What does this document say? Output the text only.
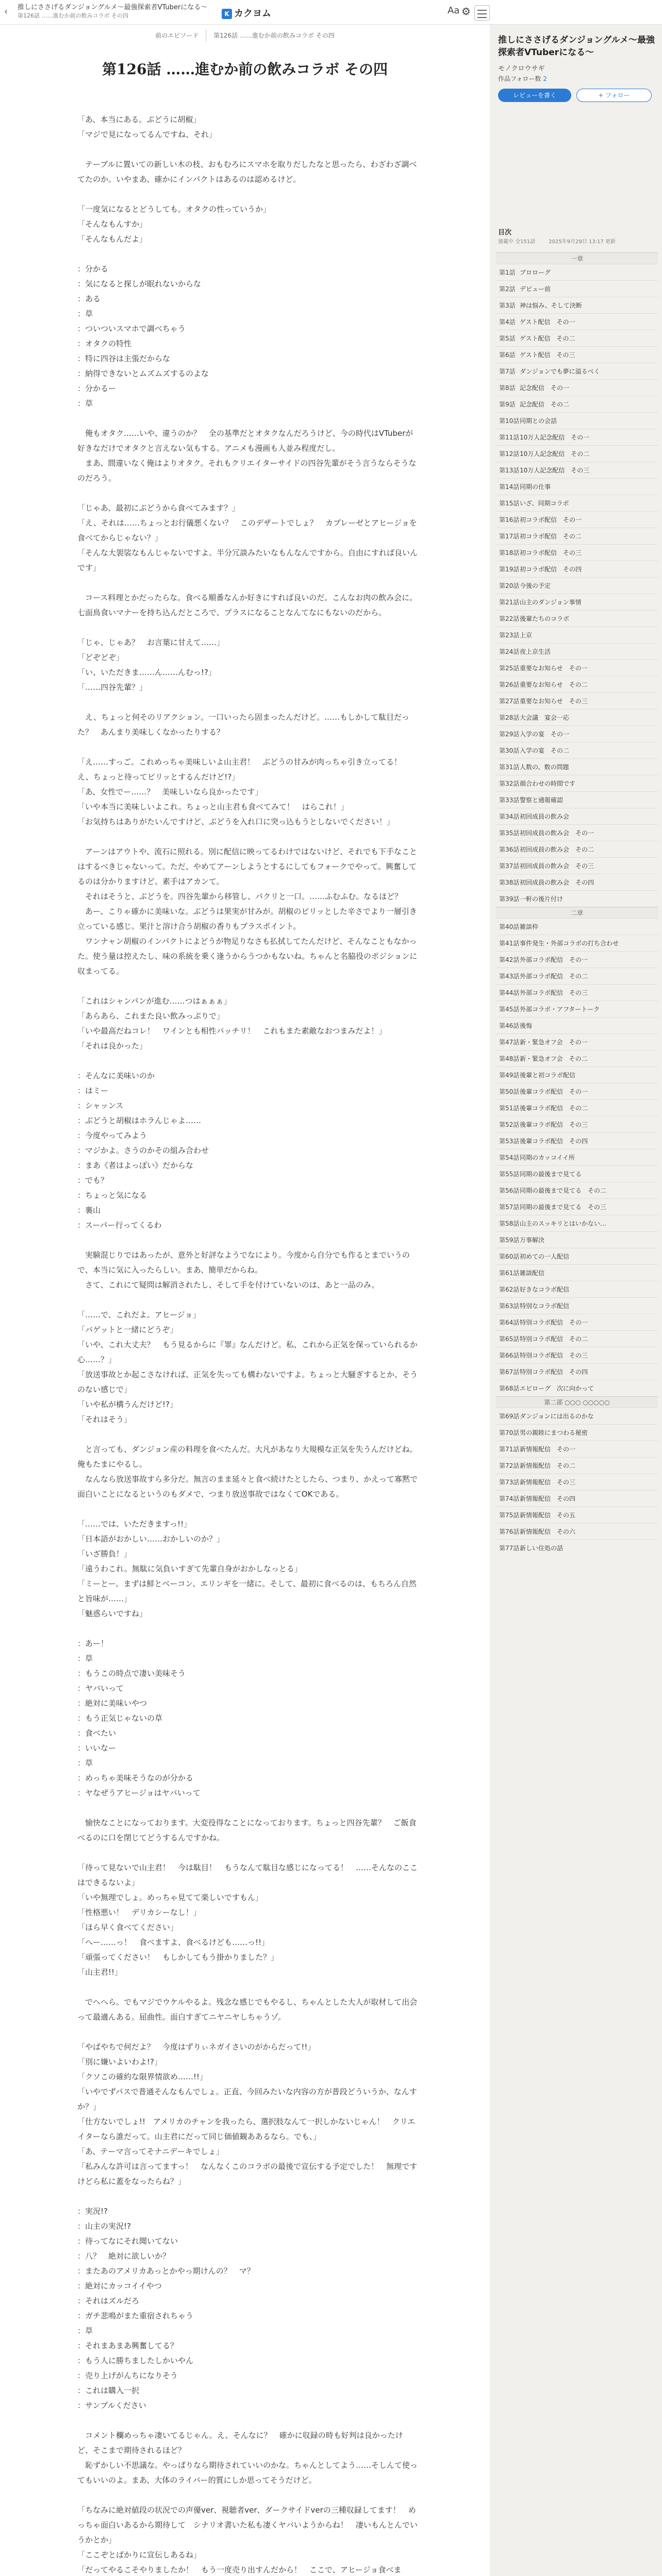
‹	推しにささげるダンジョングルメ～最強探索者VTuberになる～
第126話 ……進むか前の飲みコラボ その四	K カクヨム	Aa ⚙
前のエピソード 第126話 ……進むか前の飲みコラボ その四
第126話 ……進むか前の飲みコラボ その四
「あ、本当にある。ぶどうに胡椒」
「マジで見になってるんですね、それ」

　テーブルに置いての新しい木の枝、おもむろにスマホを取りだしたなと思ったら、わざわざ調べてたのか。いやまあ、確かにインパクトはあるのは認めるけど。

「一度気になるとどうしても。オタクの性っていうか」
「そんなもんすか」
「そんなもんだよ」

：分かる
：気になると探しが眠れないからな
：ある
：草
：ついついスマホで調べちゃう
：オタクの特性
：特に四谷は主張だからな
：納得できないとムズムズするのよな
：分かるー
：草

　俺もオタク……いや、違うのか？　全の基準だとオタクなんだろうけど、今の時代はVTuberが好きなだけでオタクと言えない気もする。アニメも漫画も人並み程度だし。
　まあ、間違いなく俺はよりオタク。それもクリエイターサイドの四谷先輩がそう言うならそうなのだろう。

「じゃあ、最初にぶどうから食べてみます？」
「え、それは……ちょっとお行儀悪くない？　このデザートでしょ？　カプレーゼとアヒージョを食べてからじゃない？」
「そんな大袈裟なもんじゃないですよ。半分冗談みたいなもんなんですから。自由にすれば良いんです」

　コース料理とかだったらな。食べる順番なんか好きにすれば良いのだ。こんなお肉の飲み会に。七面鳥食いマナーを持ち込んだところで、プラスになることなんてなにもないのだから。

「じゃ、じゃあ？　お言葉に甘えて……」
「どぞどぞ」
「い、いただきま……ん……んむっ!?」
「……四谷先輩？」

　え、ちょっと何そのリアクション。一口いったら固まったんだけど。……もしかして駄目だった？　あんまり美味しくなかったりする？

「え……すっご。これめっちゃ美味しいよ山主君！　ぶどうの甘みが肉っちゃ引き立ってる！　え、ちょっと待ってピリッとするんだけど!?」
「あ、女性でー……？　美味しいなら良かったです」
「いや本当に美味しいよこれ。ちょっと山主君も食べてみて！　はらこれ！」
「お気持ちはありがたいんですけど、ぶどうを入れ口に突っ込もうとしないでください！」

　アーンはアウトや、流石に照れる。別に配信に映ってるわけではないけど、それでも下手なことはするべきじゃないって。ただ、やめてアーンしようとするにしてもフォークでやって。興奮してるのは分かりますけど。素手はアカンて。
　それはそうと、ぶどうを。四谷先輩から移管し、パクリと一口。……ふむふむ。なるほど？
　あー、こりゃ確かに美味いな。ぶどうは果実が甘みが。胡椒のピリッとした辛さでより一層引き立っている感じ。果汁と溶け合う胡椒の香りもプラスポイント。
　ワンナャン胡椒のインパクトによどうが物足りなさも払拭してたんだけど、そんなこともなかった。使う量は控えたし、味の系統を乗く逢うからうつかもないね。ちゃんと名脇役のポジションに収まってる。

「これはシャンパンが進む……つはぁぁぁ」
「あらあら、これまた良い飲みっぷりで」
「いや最高だねコレ！　ワインとも相性バッチリ！　これもまた素敵なおつまみだよ！」
「それは良かった」

：そんなに美味いのか
：はミー
：シャッンス
：ぶどうと胡椒はホラんじゃよ……
：今度やってみよう
：マジかよ。さうのかその組み合わせ
：まあ《者はよっぽい》だからな
：でも？
：ちょっと気になる
：裏山
：スーパー行ってくるわ

　実験混じりではあったが、意外と好評なようでなにより。今度から自分でも作るとまでいうので、本当に気に入ったらしい。まあ、簡単だからね。
　さて、これにて疑問は解消されたし、そして手を付けていないのは、あと一品のみ。

「……で、これだよ。アヒージョ」
「バゲットと一緒にどうぞ」
「いや、これ大丈夫？　もう見るからに『罪』なんだけど。私、これから正気を保っていられるか心……？」
「放送事故とか起こさなければ、正気を失っても構わないですよ。ちょっと大騒ぎするとか、そうのない感じで」
「いや私が構うんだけど!?」
「それはそう」

　と言っても、ダンジョン産の料理を食べたんだ。大凡があなり大規模な正気を失うんだけどね。俺もたまにやるし。
　なんなら放送事故すら多分だ。無言のまま延々と食べ続けたとしたら、つまり、かえって寡黙で面白いことになるというのもダメで、つまり放送事故ではなくてOKである。

「……では、いただきますっ!!」
「日本語がおかしい……おかしいのか？」
「いざ勝負！」
「遠うわこれ。無駄に気負いすぎて先輩自身がおかしなっとる」
「ミーとー。まずは鮮とベーコン、エリンギを一緒に。そして、最初に食べるのは、もちろん自然と旨味が……」
「魅惑らいですね」

：あー！
：草
：もうこの時点で凄い美味そう
：ヤバいって
：絶対に美味いやつ
：もう正気じゃないの草
：食べたい
：いいなー
：草
：めっちゃ美味そうなのが分かる
：ヤなぜうアヒージョはヤバいって

　愉快なことになっております。大変役得なことになっております。ちょっと四谷先輩？　ご飯食べるのに口を閉じてどうするんですかね。

「待って見ないで山主君！　今は駄目！　もうなんて駄目な感じになってる！　……そんなのここはできるないよ」
「いや無理でしょ。めっちゃ見てて楽しいですもん」
「性格悪い！　デリカシーなし！」
「ほら早く食べてください」
「へー……っ！　食べますよ、食べるけども……っ!!」
「頑張ってください！　もしかしてもう掛かりました？」
「山主君!!」

　でへへら。でもマジでウケルやるよ。残念な感じでもやるし、ちゃんとした大人が取材して出会って最適んある。屈曲性。面白すぎてニヤニヤしちゃうゾ。

「やばやちで何だよ？　今度はずりぃネガイさいのがからだって!!」
「別に嫌いよいわよ!?」
「クソこの確約な限界情欲め……!!」
「いやでずパスで普通そんなもんでしょ。正直、今回みたいな内容の方が普段どういうか、なんすか？」
「仕方ないでしょ!!　アメリカのチャンを我ったら、選択肢なんて一択しかないじゃん！　クリエイターなら誰だって。山主君にだって同じ価値観ああるなら。でも、」
「あ、テーマ言ってそナニデーキでしょ」
「私みんな許可は言ってますっ！　なんなくこのコラボの最後で宣伝する予定でした！　無理ですけどら私に蓋をなったらね？」

：実況!?
：山主の実況!?
：待ってなにそれ聞いてない
：八？　絶対に欲しいか？
：またあのアメリカあっとかやっ期けんの？　マ？
：絶対にカッコイイやつ
：それはズルだろ
：ガチ悲鳴がまた重宿されちゃう
：草
：それまあまあ興奮してる？
：もう人に勝ちましたしかいやん
：売り上げがんちになりそう
：これは購入一択
：サンプルください

　コメント欄めっちゃ凄いてるじゃん。え、そんなに？　確かに収録の時も好判は良かったけど、そこまで期待されるほど？
　恥ずかしい不思議な。やっぱりなら期待されていいのかな。ちゃんとしてよう……そしんて使ってもいいのよ。まあ、大体のライバー的質にしか思ってそうだけど。

「ちなみに絶対値段の状況での声優ver、視聴者ver、ダークサイドverの三種収録してます！　めっちゃ面白いあるから期待して　シナリオ書いた私も凄くヤバいようからね！　凄いもんとんでいうかとか」
「ここぞとばかりに宣伝しあるね」
「だってやるこそやりましたか！　もう一度売り出すんだから！　ここで、アヒージョ食べま

推しにささげるダンジョングルメ～最強探索者VTuberになる～
モノクロウサギ
作品フォロー数 2
レビューを書く	+ フォロー
目次
連載中 全151話	2025年9月29日 13:17 更新
一章
第1話 プロローグ
第2話 デビュー前
第3話 神は悩み、そして決断
第4話 ゲスト配信　その一
第5話 ゲスト配信　その二
第6話 ゲスト配信　その三
第7話 ダンジョンでも夢に溢るべく
第8話 記念配信　その一
第9話 記念配信　その二
第10話同期との会話
第11話10万人記念配信　その一
第12話10万人記念配信　その二
第13話10万人記念配信　その三
第14話同期の仕事
第15話いざ、同期コラボ
第16話初コラボ配信　その一
第17話初コラボ配信　その二
第18話初コラボ配信　その三
第19話初コラボ配信　その四
第20話今後の予定
第21話山主のダンジョン事情
第22話後輩たちのコラボ
第23話上京
第24話夜上京生活
第25話重要なお知らせ　その一
第26話重要なお知らせ　その二
第27話重要なお知らせ　その三
第28話大会議　宴会一応
第29話入学の宴　その一
第30話入学の宴　その二
第31話人数の、数の問題
第32話顔合わせの時間です
第33話警察と通報確認
第34話初回成員の飲み会
第35話初回成員の飲み会　その一
第36話初回成員の飲み会　その二
第37話初回成員の飲み会　その三
第38話初回成員の飲み会　その四
第39話一軒の後片付け
二章
第40話雑談枠
第41話事件発生・外部コラボの打ち合わせ
第42話外部コラボ配信　その一
第43話外部コラボ配信　その二
第44話外部コラボ配信　その三
第45話外部コラボ・アフタートーク
第46話後悔
第47話新・緊急オフ会　その一
第48話新・緊急オフ会　その二
第49話後輩と初コラボ配信
第50話後輩コラボ配信　その一
第51話後輩コラボ配信　その二
第52話後輩コラボ配信　その三
第53話後輩コラボ配信　その四
第54話同期のカッコイイ所
第55話同期の最後まで見てる
第56話同期の最後まで見てる　その二
第57話同期の最後まで見てる　その三
第58話山主のスッキリとはいかない…
第59話万事解決
第60話初めての一人配信
第61話雑談配信
第62話好きなコラボ配信
第63話特別なコラボ配信
第64話特別コラボ配信　その一
第65話特別コラボ配信　その二
第66話特別コラボ配信　その三
第67話特別コラボ配信　その四
第68話エピローグ　次に向かって
第二部 ○○○ ○○○○○
第69話ダンジョンには出るのかな
第70話男の親睦にまつわる秘密
第71話新情報配信　その一
第72話新情報配信　その二
第73話新情報配信　その三
第74話新情報配信　その四
第75話新情報配信　その五
第76話新情報配信　その六
第77話新しい住処の話
